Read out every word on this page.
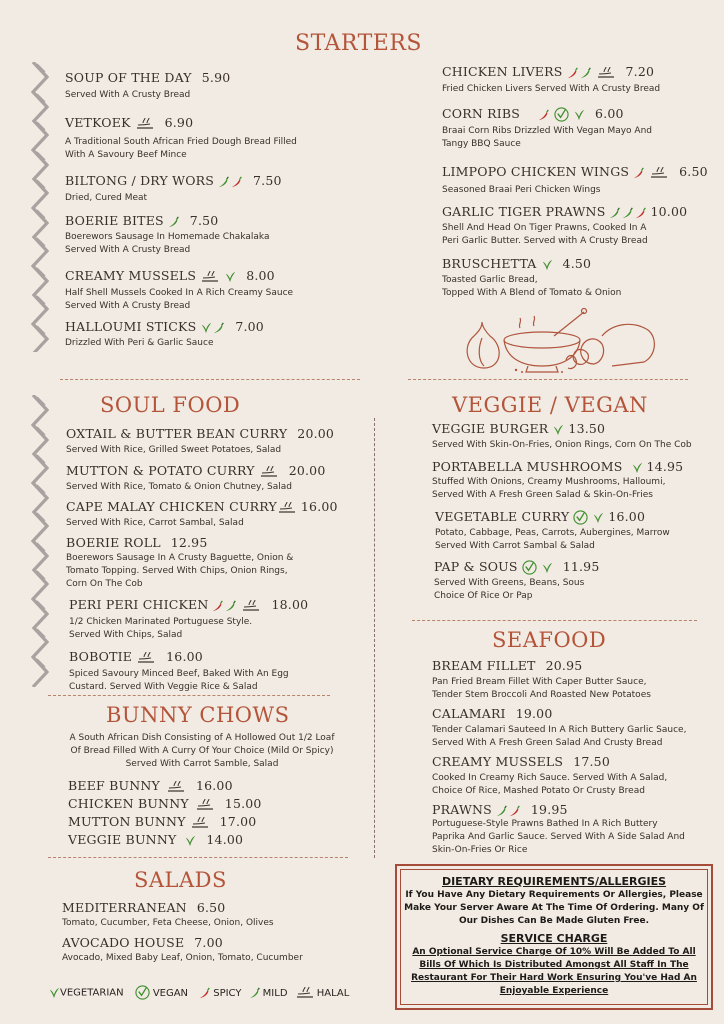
STARTERS
SOUP OF THE DAY 5.90
Served With A Crusty Bread
VETKOEK	6.90
A Traditional South African Fried Dough Bread Filled
With A Savoury Beef Mince
BILTONG / DRY WORS	7.50
Dried, Cured Meat
BOERIE BITES 7.50
Boerewors Sausage In Homemade Chakalaka
Served With A Crusty Bread
CREAMY MUSSELS	8.00
Half Shell Mussels Cooked In A Rich Creamy Sauce
Served With A Crusty Bread
HALLOUMI STICKS	7.00
Drizzled With Peri & Garlic Sauce
CHICKEN LIVERS	7.20
Fried Chicken Livers Served With A Crusty Bread
CORN RIBS	6.00
Braai Corn Ribs Drizzled With Vegan Mayo And
Tangy BBQ Sauce
LIMPOPO CHICKEN WINGS	6.50
Seasoned Braai Peri Chicken Wings
GARLIC TIGER PRAWNS	10.00
Shell And Head On Tiger Prawns, Cooked In A
Peri Garlic Butter. Served with A Crusty Bread
BRUSCHETTA 4.50
Toasted Garlic Bread,
Topped With A Blend of Tomato & Onion
SOUL FOOD
OXTAIL & BUTTER BEAN CURRY 20.00
Served With Rice, Grilled Sweet Potatoes, Salad
MUTTON & POTATO CURRY	20.00
Served With Rice, Tomato & Onion Chutney, Salad
CAPE MALAY CHICKEN CURRY 16.00
Served With Rice, Carrot Sambal, Salad
BOERIE ROLL 12.95
Boerewors Sausage In A Crusty Baguette, Onion &
Tomato Topping. Served With Chips, Onion Rings,
Corn On The Cob
PERI PERI CHICKEN	18.00
1/2 Chicken Marinated Portuguese Style.
Served With Chips, Salad
BOBOTIE	16.00
Spiced Savoury Minced Beef, Baked With An Egg
Custard. Served With Veggie Rice & Salad
BUNNY CHOWS
A South African Dish Consisting of A Hollowed Out 1/2 Loaf
Of Bread Filled With A Curry Of Your Choice (Mild Or Spicy)
Served With Carrot Samble, Salad
BEEF BUNNY	16.00
CHICKEN BUNNY	15.00
MUTTON BUNNY	17.00
VEGGIE BUNNY 14.00
SALADS
MEDITERRANEAN 6.50
Tomato, Cucumber, Feta Cheese, Onion, Olives
AVOCADO HOUSE 7.00
Avocado, Mixed Baby Leaf, Onion, Tomato, Cucumber
VEGETARIAN	VEGAN	SPICY MILD	HALAL
VEGGIE / VEGAN
VEGGIE BURGER 13.50
Served With Skin-On-Fries, Onion Rings, Corn On The Cob
PORTABELLA MUSHROOMS 14.95
Stuffed With Onions, Creamy Mushrooms, Halloumi,
Served With A Fresh Green Salad & Skin-On-Fries
VEGETABLE CURRY	16.00
Potato, Cabbage, Peas, Carrots, Aubergines, Marrow
Served With Carrot Sambal & Salad
PAP & SOUS	11.95
Served With Greens, Beans, Sous
Choice Of Rice Or Pap
SEAFOOD
BREAM FILLET 20.95
Pan Fried Bream Fillet With Caper Butter Sauce,
Tender Stem Broccoli And Roasted New Potatoes
CALAMARI 19.00
Tender Calamari Sauteed In A Rich Buttery Garlic Sauce,
Served With A Fresh Green Salad And Crusty Bread
CREAMY MUSSELS 17.50
Cooked In Creamy Rich Sauce. Served With A Salad,
Choice Of Rice, Mashed Potato Or Crusty Bread
PRAWNS	19.95
Portuguese-Style Prawns Bathed In A Rich Buttery
Paprika And Garlic Sauce. Served With A Side Salad And
Skin-On-Fries Or Rice
DIETARY REQUIREMENTS/ALLERGIES
If You Have Any Dietary Requirements Or Allergies, Please
Make Your Server Aware At The Time Of Ordering. Many Of
Our Dishes Can Be Made Gluten Free.
SERVICE CHARGE
An Optional Service Charge Of 10% Will Be Added To All
Bills Of Which Is Distributed Amongst All Staff In The
Restaurant For Their Hard Work Ensuring You've Had An
Enjoyable Experience
